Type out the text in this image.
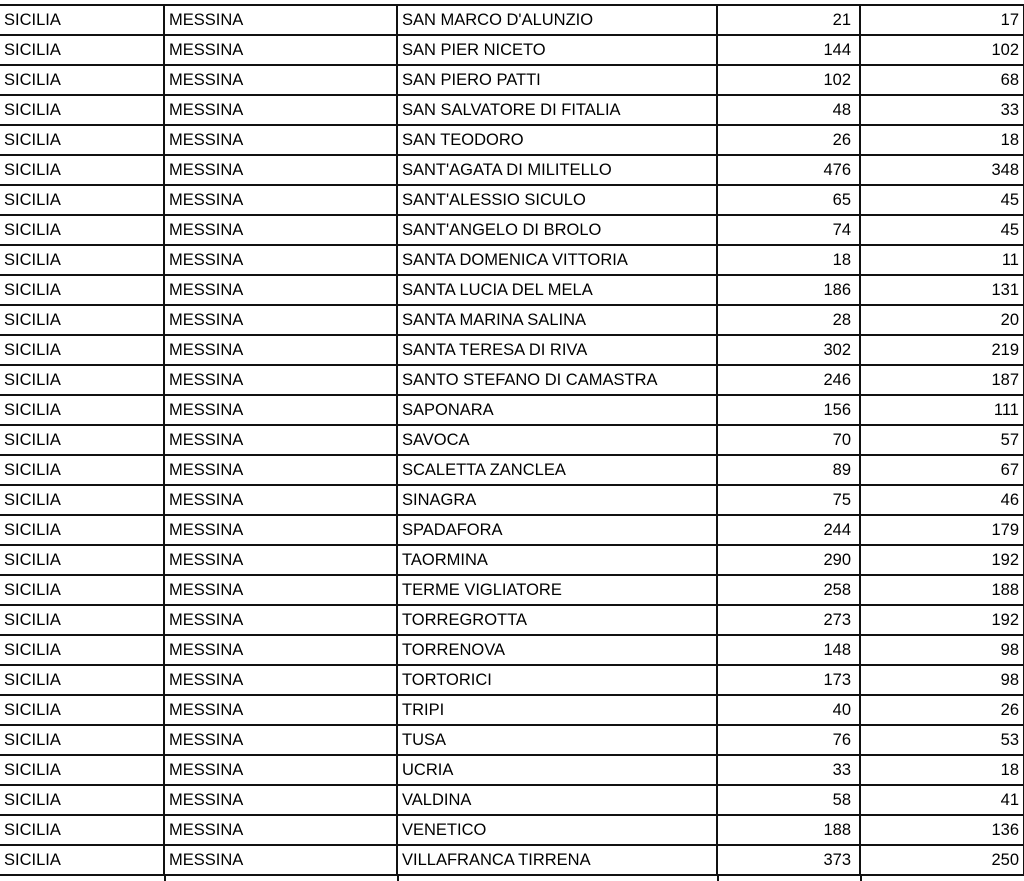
SICILIA	MESSINA	SAN MARCO D'ALUNZIO	21	17
SICILIA	MESSINA	SAN PIER NICETO	144	102
SICILIA	MESSINA	SAN PIERO PATTI	102	68
SICILIA	MESSINA	SAN SALVATORE DI FITALIA	48	33
SICILIA	MESSINA	SAN TEODORO	26	18
SICILIA	MESSINA	SANT'AGATA DI MILITELLO	476	348
SICILIA	MESSINA	SANT'ALESSIO SICULO	65	45
SICILIA	MESSINA	SANT'ANGELO DI BROLO	74	45
SICILIA	MESSINA	SANTA DOMENICA VITTORIA	18	11
SICILIA	MESSINA	SANTA LUCIA DEL MELA	186	131
SICILIA	MESSINA	SANTA MARINA SALINA	28	20
SICILIA	MESSINA	SANTA TERESA DI RIVA	302	219
SICILIA	MESSINA	SANTO STEFANO DI CAMASTRA	246	187
SICILIA	MESSINA	SAPONARA	156	111
SICILIA	MESSINA	SAVOCA	70	57
SICILIA	MESSINA	SCALETTA ZANCLEA	89	67
SICILIA	MESSINA	SINAGRA	75	46
SICILIA	MESSINA	SPADAFORA	244	179
SICILIA	MESSINA	TAORMINA	290	192
SICILIA	MESSINA	TERME VIGLIATORE	258	188
SICILIA	MESSINA	TORREGROTTA	273	192
SICILIA	MESSINA	TORRENOVA	148	98
SICILIA	MESSINA	TORTORICI	173	98
SICILIA	MESSINA	TRIPI	40	26
SICILIA	MESSINA	TUSA	76	53
SICILIA	MESSINA	UCRIA	33	18
SICILIA	MESSINA	VALDINA	58	41
SICILIA	MESSINA	VENETICO	188	136
SICILIA	MESSINA	VILLAFRANCA TIRRENA	373	250
